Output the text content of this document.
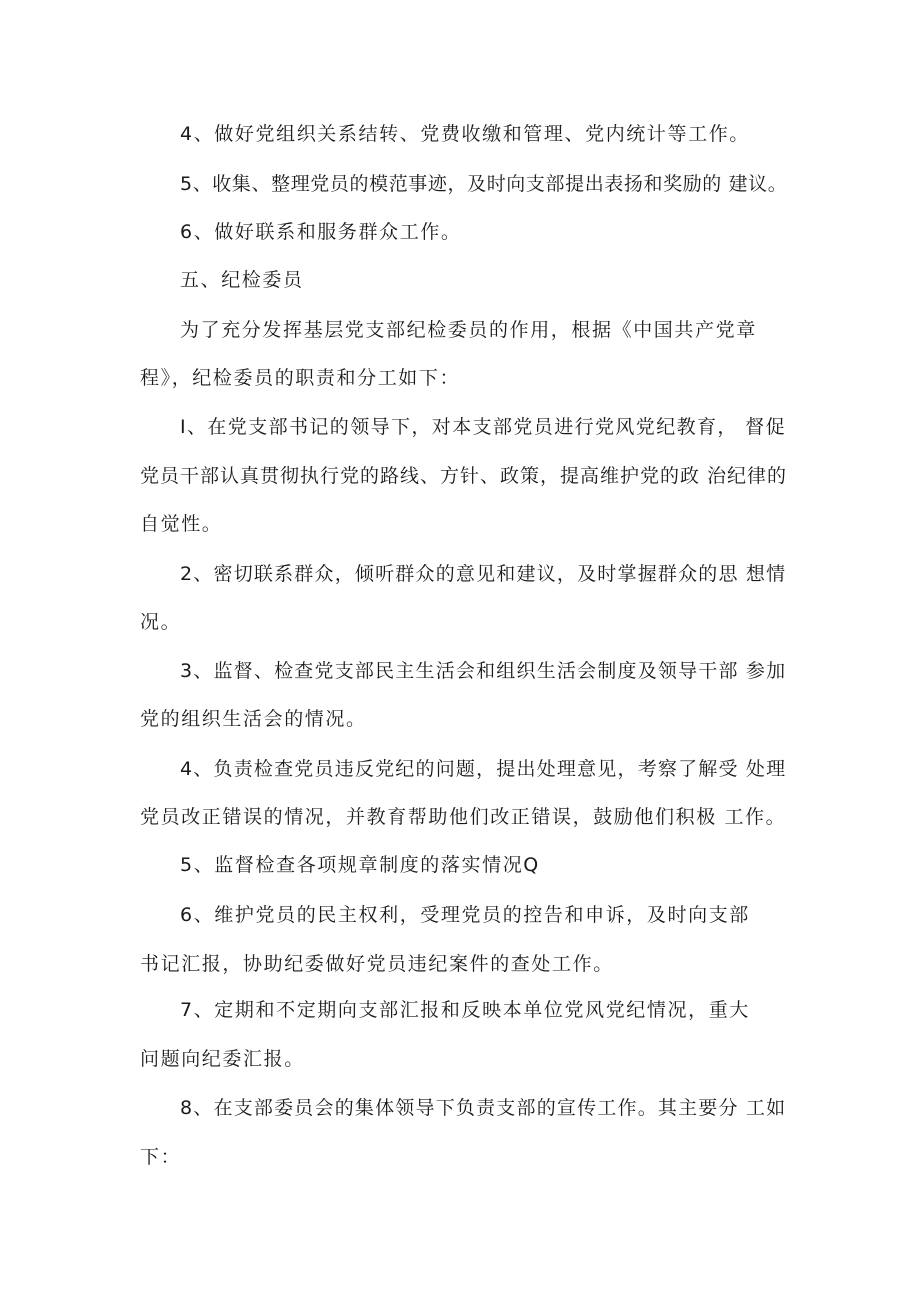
4、做好党组织关系结转、党费收缴和管理、党内统计等工作。
5、收集、整理党员的模范事迹，及时向支部提出表扬和奖励的 建议。
6、做好联系和服务群众工作。
五、纪检委员
为了充分发挥基层党支部纪检委员的作用，根据《中国共产党章
程》，纪检委员的职责和分工如下：
I、在党支部书记的领导下，对本支部党员进行党风党纪教育， 督促
党员干部认真贯彻执行党的路线、方针、政策，提高维护党的政 治纪律的
自觉性。
2、密切联系群众，倾听群众的意见和建议，及时掌握群众的思 想情
况。
3、监督、检查党支部民主生活会和组织生活会制度及领导干部 参加
党的组织生活会的情况。
4、负责检查党员违反党纪的问题，提出处理意见，考察了解受 处理
党员改正错误的情况，并教育帮助他们改正错误，鼓励他们积极 工作。
5、监督检查各项规章制度的落实情况Q
6、维护党员的民主权利，受理党员的控告和申诉，及时向支部
书记汇报，协助纪委做好党员违纪案件的查处工作。
7、定期和不定期向支部汇报和反映本单位党风党纪情况，重大
问题向纪委汇报。
8、在支部委员会的集体领导下负责支部的宣传工作。其主要分 工如
下：
